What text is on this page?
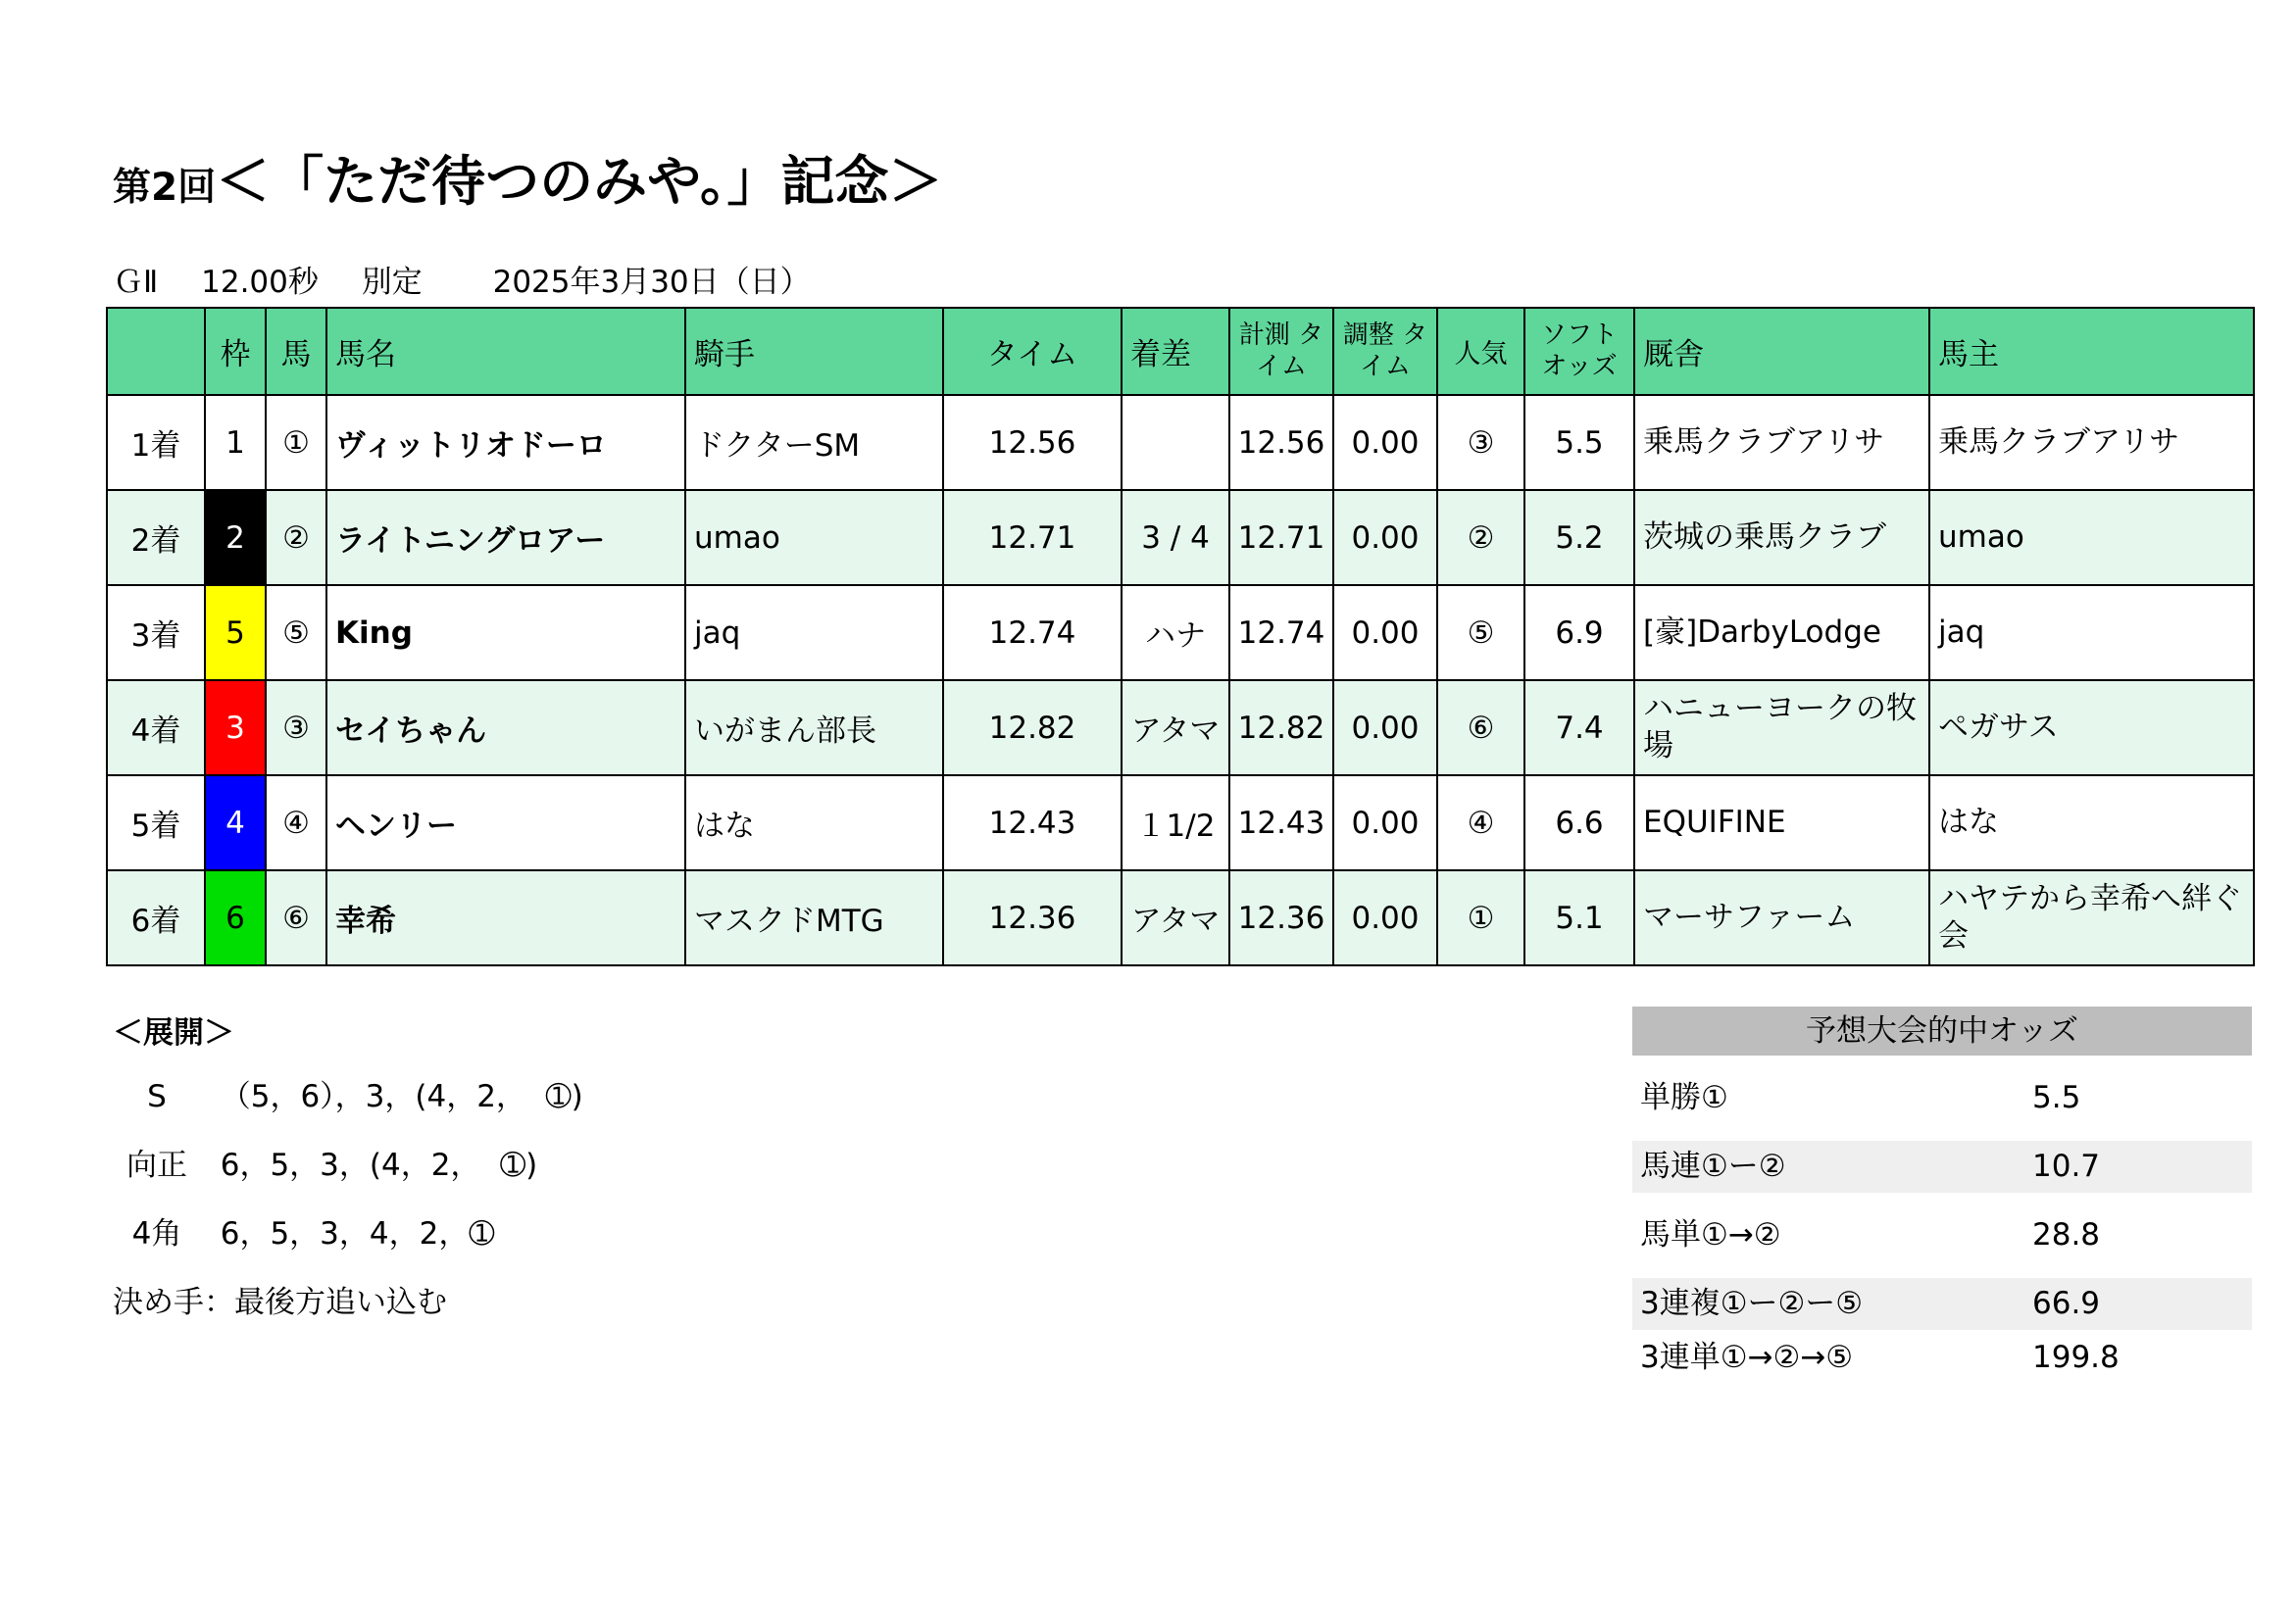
第2回＜「ただ待つのみや。」記念＞
ＧⅡ 12.00秒 別定 2025年3月30日（日）
	枠	馬	馬名	騎手	タイム	着差	計測 タイム	調整 タイム	人気	ソフト オッズ	厩舎	馬主
1着	1	①	ヴィットリオドーロ	ドクターSM	12.56		12.56	0.00	③	5.5	乗馬クラブアリサ	乗馬クラブアリサ
2着	2	②	ライトニングロアー	umao	12.71	3 / 4	12.71	0.00	②	5.2	茨城の乗馬クラブ	umao
3着	5	⑤	King	jaq	12.74	ハナ	12.74	0.00	⑤	6.9	[豪]DarbyLodge	jaq
4着	3	③	セイちゃん	いがまん部長	12.82	アタマ	12.82	0.00	⑥	7.4	ハニューヨークの牧場	ペガサス
5着	4	④	ヘンリー	はな	12.43	１1/2	12.43	0.00	④	6.6	EQUIFINE	はな
6着	6	⑥	幸希	マスクドMTG	12.36	アタマ	12.36	0.00	①	5.1	マーサファーム	ハヤテから幸希へ絆ぐ会
＜展開＞
S （5，6），3，(4，2，  ➀)
向正 6，5，3，(4，2，  ➀)
4角 6，5，3，4，2，➀
決め手：最後方追い込む
予想大会的中オッズ
単勝①	5.5
馬連①ー②	10.7
馬単①→②	28.8
3連複①ー②ー⑤	66.9
3連単①→②→⑤	199.8
